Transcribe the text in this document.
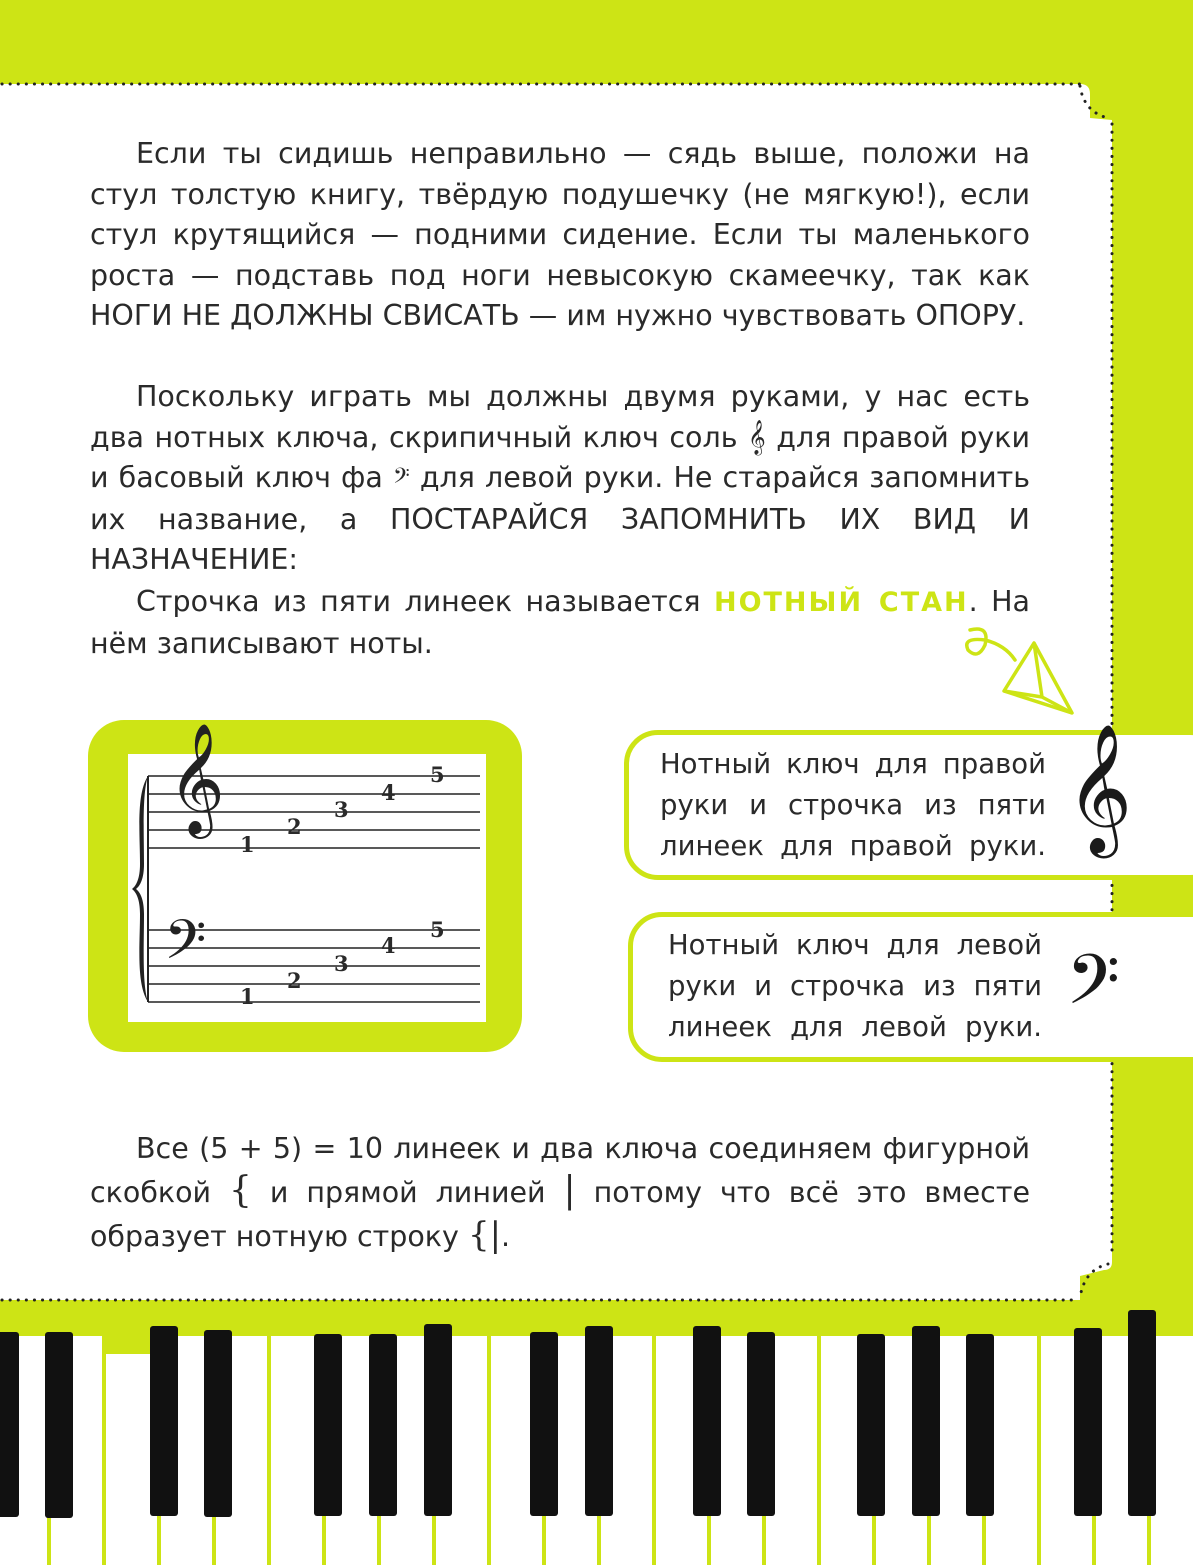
Если ты сидишь неправильно — сядь выше, положи на стул толстую книгу, твёрдую подушечку (не мягкую!), если стул крутящийся — подними сидение. Если ты маленького роста — подставь под ноги невысокую скамеечку, так как НОГИ НЕ ДОЛЖНЫ СВИСАТЬ — им нужно чувствовать ОПОРУ.

Поскольку играть мы должны двумя руками, у нас есть два нотных ключа, скрипичный ключ соль 𝄞 для правой руки и басовый ключ фа 𝄢 для левой руки. Не старайся запомнить их название, а ПОСТАРАЙСЯ ЗАПОМНИТЬ ИХ ВИД И НАЗНАЧЕНИЕ:

Строчка из пяти линеек называется НОТНЫЙ СТАН. На нём записывают ноты.

𝄞
𝄢
1
2
3
4
5
1
2
3
4
5
Нотный ключ для правой
руки и строчка из пяти
линеек для правой руки. 𝄞
Нотный ключ для левой
руки и строчка из пяти
линеек для левой руки. 𝄢

Все (5 + 5) = 10 линеек и два ключа соединяем фигурной скобкой { и прямой линией | потому что всё это вместе образует нотную строку {|.
